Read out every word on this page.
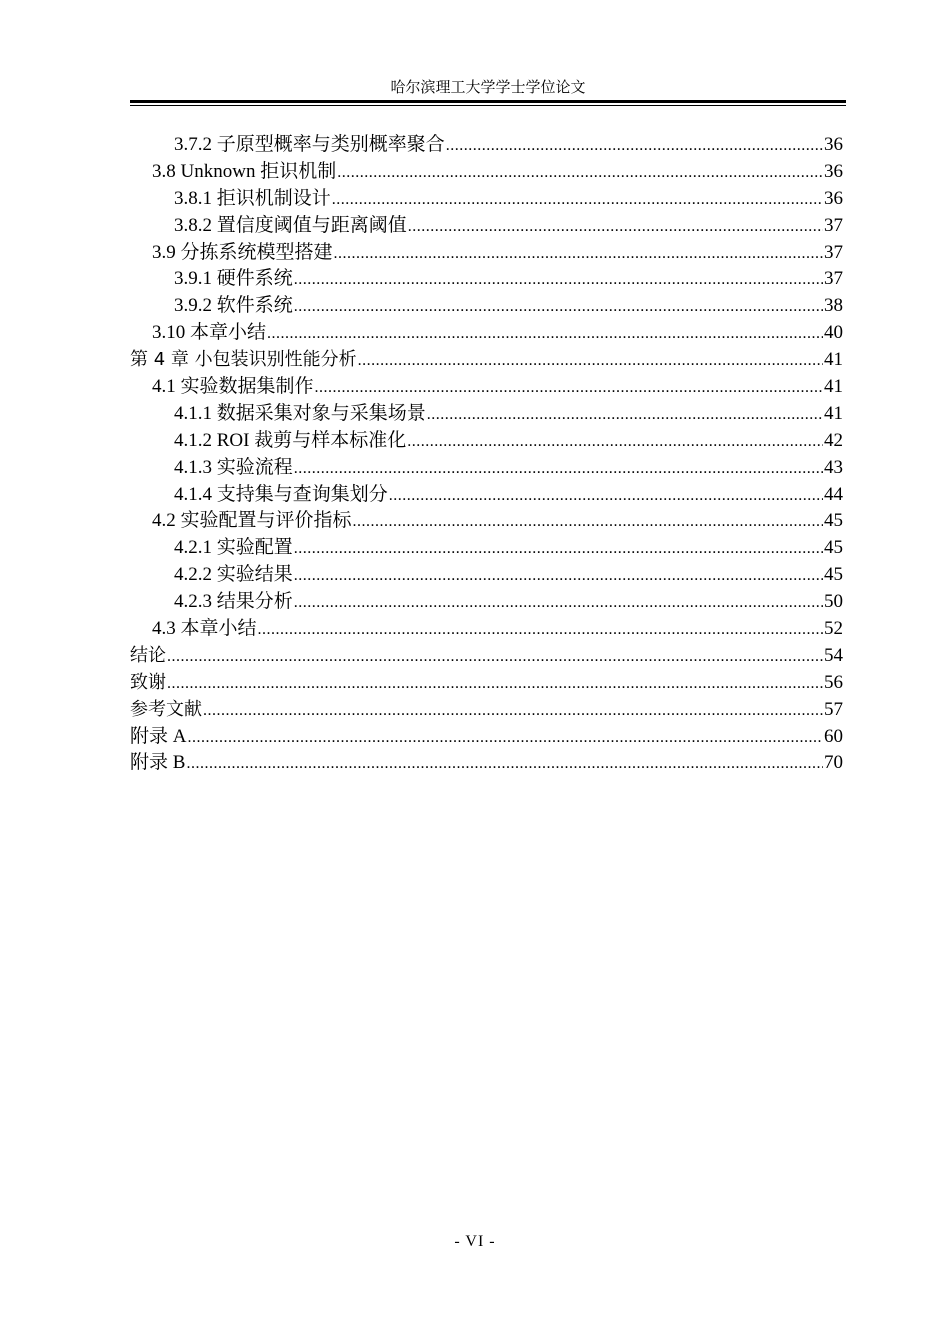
哈尔滨理工大学学士学位论文
3.7.2 子原型概率与类别概率聚合 .....	36
3.8 Unknown 拒识机制 .....	36
3.8.1 拒识机制设计 .....	36
3.8.2 置信度阈值与距离阈值 .....	37
3.9 分拣系统模型搭建 .....	37
3.9.1 硬件系统 .....	37
3.9.2 软件系统 .....	38
3.10 本章小结 .....	40
第 4 章 小包装识别性能分析 .....	41
4.1 实验数据集制作 .....	41
4.1.1 数据采集对象与采集场景 .....	41
4.1.2 ROI 裁剪与样本标准化 .....	42
4.1.3 实验流程 .....	43
4.1.4 支持集与查询集划分 .....	44
4.2 实验配置与评价指标 .....	45
4.2.1 实验配置 .....	45
4.2.2 实验结果 .....	45
4.2.3 结果分析 .....	50
4.3 本章小结 .....	52
结论 .....	54
致谢 .....	56
参考文献 .....	57
附录 A .....	60
附录 B .....	70
- VI -
